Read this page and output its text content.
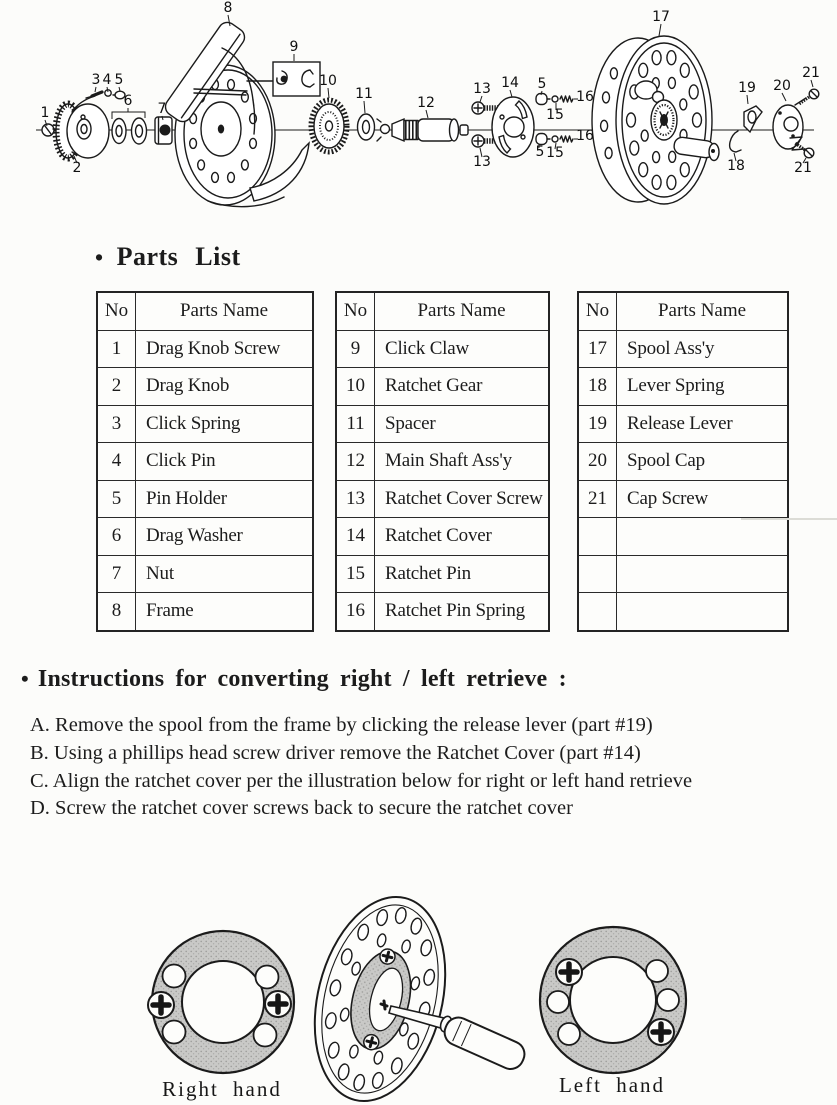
1
2
3 4 5
6 7
8
9
10
11
12
13
13
14 5
15
16
5 15
16
17
18
19 20
21
21
• Parts List
No	Parts Name
1	Drag Knob Screw
2	Drag Knob
3	Click Spring
4	Click Pin
5	Pin Holder
6	Drag Washer
7	Nut
8	Frame
No	Parts Name
9	Click Claw
10	Ratchet Gear
11	Spacer
12	Main Shaft Ass'y
13	Ratchet Cover Screw
14	Ratchet Cover
15	Ratchet Pin
16	Ratchet Pin Spring
No	Parts Name
17	Spool Ass'y
18	Lever Spring
19	Release Lever
20	Spool Cap
21	Cap Screw

• Instructions for converting right / left retrieve :
A. Remove the spool from the frame by clicking the release lever (part #19)
B. Using a phillips head screw driver remove the Ratchet Cover (part #14)
C. Align the ratchet cover per the illustration below for right or left hand retrieve
D. Screw the ratchet cover screws back to secure the ratchet cover
Right hand	Left hand
